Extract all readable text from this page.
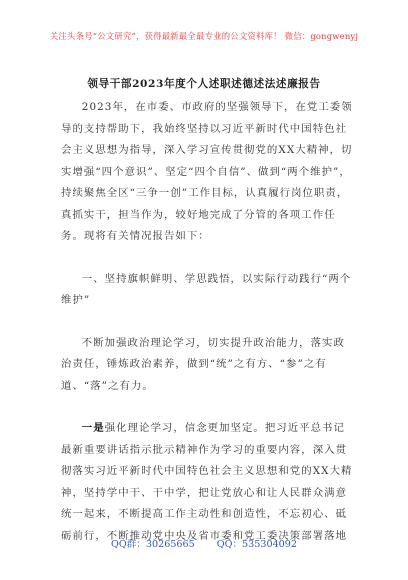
关注头条号“公文研究”，获得最新最全最专业的公文资料库！ 微信：gongwenyj
领导干部2023年度个人述职述德述法述廉报告

2023年，在市委、市政府的坚强领导下，在党工委领导的支持帮助下，我始终坚持以习近平新时代中国特色社会主义思想为指导，深入学习宣传贯彻党的XX大精神，切实增强“四个意识”、坚定“四个自信”、做到“两个维护”，持续聚焦全区“三争一创”工作目标，认真履行岗位职责，真抓实干，担当作为，较好地完成了分管的各项工作任务。现将有关情况报告如下：

一、坚持旗帜鲜明、学思践悟，以实际行动践行“两个维护”

不断加强政治理论学习，切实提升政治能力，落实政治责任，锤炼政治素养，做到“统”之有方、“参”之有道、“落”之有力。

一是强化理论学习，信念更加坚定。把习近平总书记最新重要讲话指示批示精神作为学习的重要内容，深入贯彻落实习近平新时代中国特色社会主义思想和党的XX大精神，坚持学中干、干中学，把让党放心和让人民群众满意统一起来，不断提高工作主动性和创造性，不忘初心、砥砺前行，不断推动党中央及省市委和党工委决策部署落地

QQ群：30265665 QQ：535304092
